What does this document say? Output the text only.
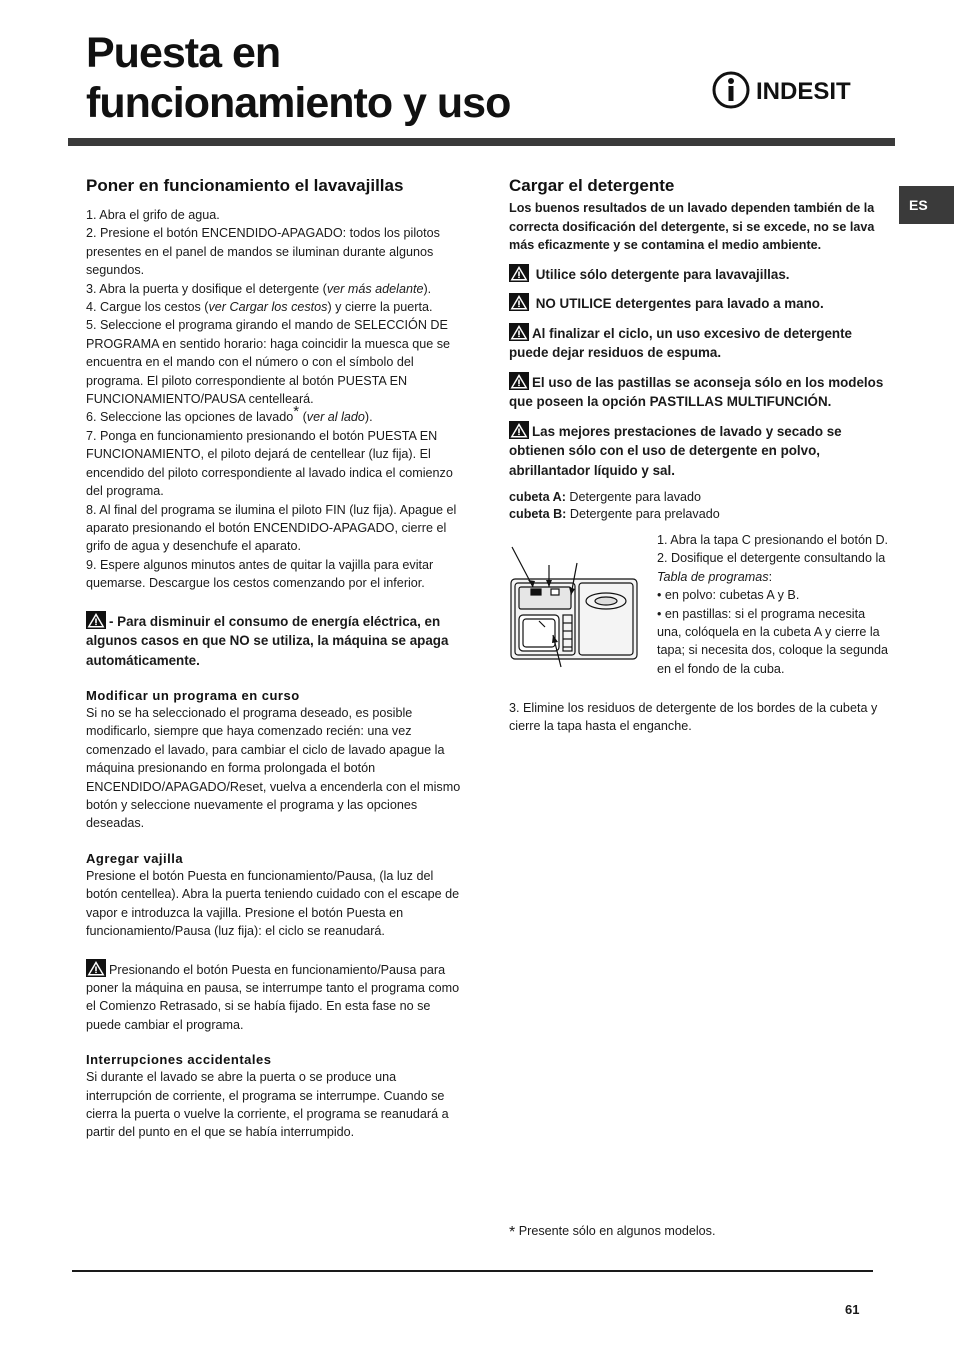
Puesta en
funcionamiento y uso	INDESIT
ES
Poner en funcionamiento el lavavajillas

1. Abra el grifo de agua.

2. Presione el botón ENCENDIDO-APAGADO: todos los pilotos presentes en el panel de mandos se iluminan durante algunos segundos.

3. Abra la puerta y dosifique el detergente (ver más adelante).

4. Cargue los cestos (ver Cargar los cestos) y cierre la puerta.

5. Seleccione el programa girando el mando de SELECCIÓN DE PROGRAMA en sentido horario: haga coincidir la muesca que se encuentra en el mando con el número o con el símbolo del programa. El piloto correspondiente al botón PUESTA EN FUNCIONAMIENTO/PAUSA centelleará.

6. Seleccione las opciones de lavado* (ver al lado).

7. Ponga en funcionamiento presionando el botón PUESTA EN FUNCIONAMIENTO, el piloto dejará de centellear (luz fija). El encendido del piloto correspondiente al lavado indica el comienzo del programa.

8. Al final del programa se ilumina el piloto FIN (luz fija). Apague el aparato presionando el botón ENCENDIDO-APAGADO, cierre el grifo de agua y desenchufe el aparato.

9. Espere algunos minutos antes de quitar la vajilla para evitar quemarse. Descargue los cestos comenzando por el inferior.

- Para disminuir el consumo de energía eléctrica, en algunos casos en que NO se utiliza, la máquina se apaga automáticamente.

Modificar un programa en curso

Si no se ha seleccionado el programa deseado, es posible modificarlo, siempre que haya comenzado recién: una vez comenzado el lavado, para cambiar el ciclo de lavado apague la máquina presionando en forma prolongada el botón ENCENDIDO/APAGADO/Reset, vuelva a encenderla con el mismo botón y seleccione nuevamente el programa y las opciones deseadas.

Agregar vajilla

Presione el botón Puesta en funcionamiento/Pausa, (la luz del botón centellea). Abra la puerta teniendo cuidado con el escape de vapor e introduzca la vajilla. Presione el botón Puesta en funcionamiento/Pausa (luz fija): el ciclo se reanudará.

Presionando el botón Puesta en funcionamiento/Pausa para poner la máquina en pausa, se interrumpe tanto el programa como el Comienzo Retrasado, si se había fijado. En esta fase no se puede cambiar el programa.

Interrupciones accidentales

Si durante el lavado se abre la puerta o se produce una interrupción de corriente, el programa se interrumpe. Cuando se cierra la puerta o vuelve la corriente, el programa se reanudará a partir del punto en el que se había interrumpido.

Cargar el detergente

Los buenos resultados de un lavado dependen también de la correcta dosificación del detergente, si se excede, no se lava más eficazmente y se contamina el medio ambiente.

Utilice sólo detergente para lavavajillas.

NO UTILICE detergentes para lavado a mano.

Al finalizar el ciclo, un uso excesivo de detergente puede dejar residuos de espuma.

El uso de las pastillas se aconseja sólo en los modelos que poseen la opción PASTILLAS MULTIFUNCIÓN.

Las mejores prestaciones de lavado y secado se obtienen sólo con el uso de detergente en polvo, abrillantador líquido y sal.

cubeta A: Detergente para lavado

cubeta B: Detergente para prelavado

1. Abra la tapa C presionando el botón D.

2. Dosifique el detergente consultando la Tabla de programas:

• en polvo: cubetas A y B.

• en pastillas: si el programa necesita una, colóquela en la cubeta A y cierre la tapa; si necesita dos, coloque la segunda en el fondo de la cuba.

3. Elimine los residuos de detergente de los bordes de la cubeta y cierre la tapa hasta el enganche.

* Presente sólo en algunos modelos.
61
